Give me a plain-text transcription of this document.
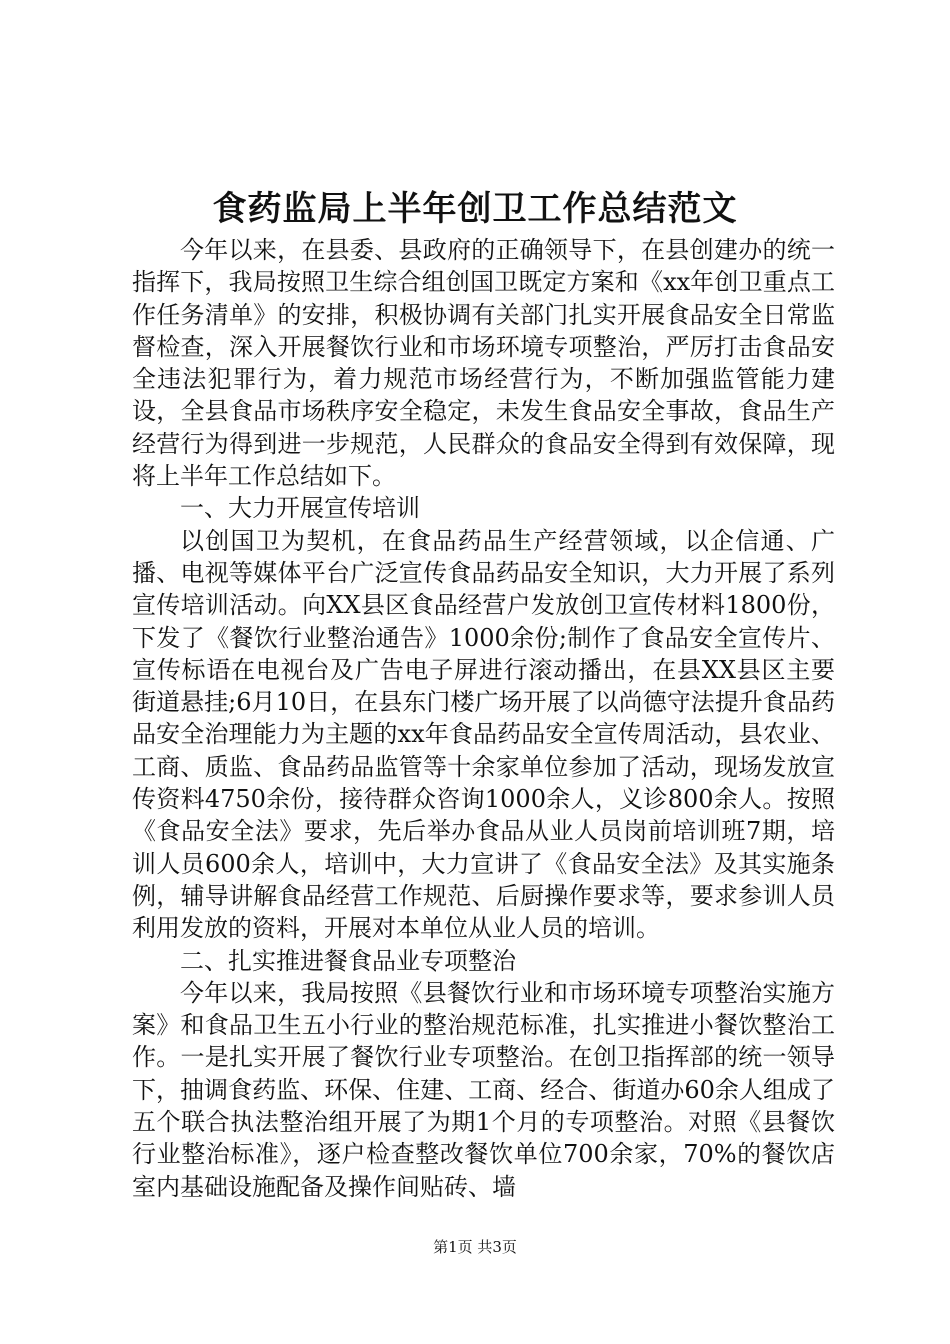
食药监局上半年创卫工作总结范文

今年以来，在县委、县政府的正确领导下，在县创建办的统一指挥下，我局按照卫生综合组创国卫既定方案和《xx年创卫重点工作任务清单》的安排，积极协调有关部门扎实开展食品安全日常监督检查，深入开展餐饮行业和市场环境专项整治，严厉打击食品安全违法犯罪行为，着力规范市场经营行为，不断加强监管能力建设，全县食品市场秩序安全稳定，未发生食品安全事故，食品生产经营行为得到进一步规范，人民群众的食品安全得到有效保障，现将上半年工作总结如下。

一、大力开展宣传培训

以创国卫为契机，在食品药品生产经营领域，以企信通、广播、电视等媒体平台广泛宣传食品药品安全知识，大力开展了系列宣传培训活动。向XX县区食品经营户发放创卫宣传材料1800份，下发了《餐饮行业整治通告》1000余份;制作了食品安全宣传片、宣传标语在电视台及广告电子屏进行滚动播出，在县XX县区主要街道悬挂;6月10日，在县东门楼广场开展了以尚德守法提升食品药品安全治理能力为主题的xx年食品药品安全宣传周活动，县农业、工商、质监、食品药品监管等十余家单位参加了活动，现场发放宣传资料4750余份，接待群众咨询1000余人，义诊800余人。按照《食品安全法》要求，先后举办食品从业人员岗前培训班7期，培训人员600余人，培训中，大力宣讲了《食品安全法》及其实施条例，辅导讲解食品经营工作规范、后厨操作要求等，要求参训人员利用发放的资料，开展对本单位从业人员的培训。

二、扎实推进餐食品业专项整治

今年以来，我局按照《县餐饮行业和市场环境专项整治实施方案》和食品卫生五小行业的整治规范标准，扎实推进小餐饮整治工作。一是扎实开展了餐饮行业专项整治。在创卫指挥部的统一领导下，抽调食药监、环保、住建、工商、经合、街道办60余人组成了五个联合执法整治组开展了为期1个月的专项整治。对照《县餐饮行业整治标准》，逐户检查整改餐饮单位700余家，70%的餐饮店室内基础设施配备及操作间贴砖、墙

第1页 共3页
